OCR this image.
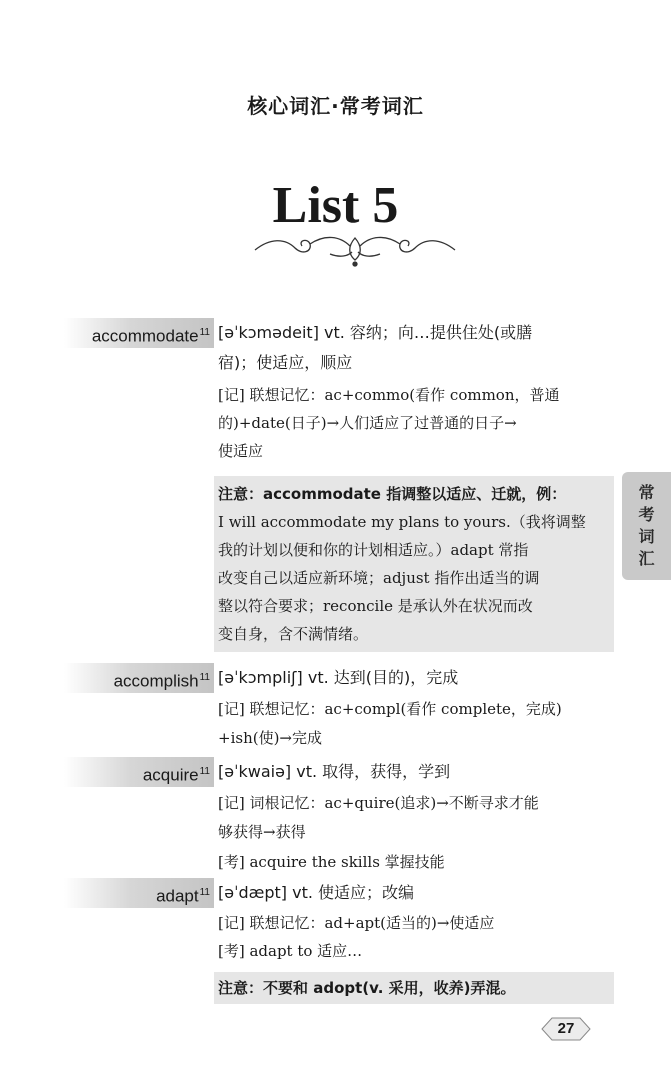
核心词汇·常考词汇
List 5
accommodate$^{11}$ [əˈkɔmədeit] vt. 容纳；向…提供住处(或膳
宿)；使适应，顺应
[记] 联想记忆：ac+commo(看作 common，普通
的)+date(日子)→人们适应了过普通的日子→
使适应
注意：accommodate 指调整以适应、迁就，例：
I will accommodate my plans to yours.（我将调整
我的计划以便和你的计划相适应。）adapt 常指
改变自己以适应新环境；adjust 指作出适当的调
整以符合要求；reconcile 是承认外在状况而改
变自身，含不满情绪。
accomplish$^{11}$ [əˈkɔmpliʃ] vt. 达到(目的)，完成
[记] 联想记忆：ac+compl(看作 complete，完成)
+ish(使)→完成
acquire$^{11}$ [əˈkwaiə] vt. 取得，获得，学到
[记] 词根记忆：ac+quire(追求)→不断寻求才能
够获得→获得
[考] acquire the skills 掌握技能
adapt$^{11}$ [əˈdæpt] vt. 使适应；改编
[记] 联想记忆：ad+apt(适当的)→使适应
[考] adapt to 适应…
注意：不要和 adopt(v. 采用，收养)弄混。
常
考
词
汇
27
